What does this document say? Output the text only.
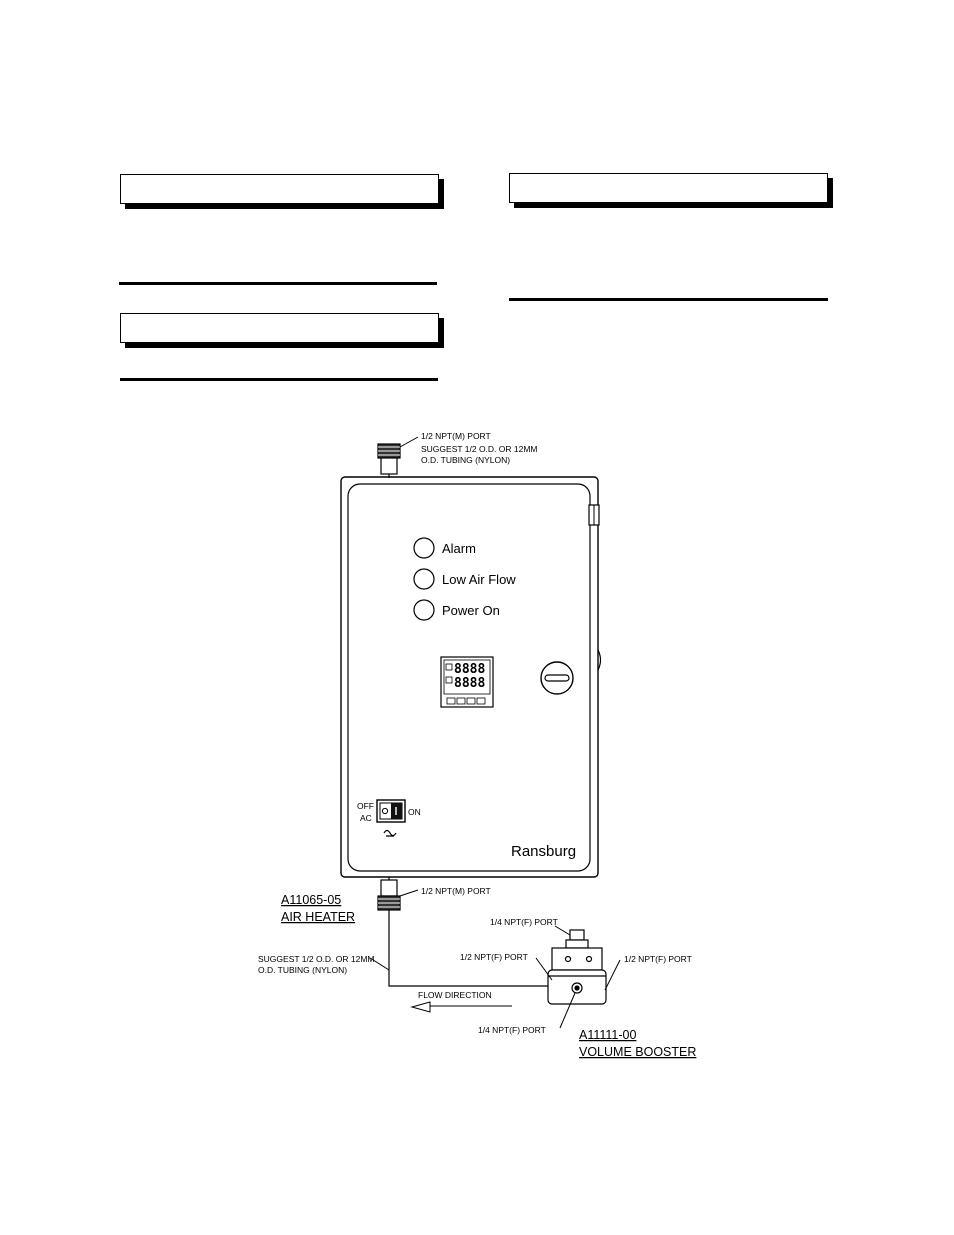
Alarm
Low Air Flow
Power On
8888
8888
OFF
AC
ON
Ransburg
1/2 NPT(M) PORT
SUGGEST 1/2 O.D. OR 12MM
O.D. TUBING (NYLON)
1/2 NPT(M) PORT
A11065-05
AIR HEATER
SUGGEST 1/2 O.D. OR 12MM
O.D. TUBING (NYLON)
1/4 NPT(F) PORT
1/2 NPT(F) PORT	1/2 NPT(F) PORT
FLOW DIRECTION
1/4 NPT(F) PORT	A11111-00
VOLUME BOOSTER
